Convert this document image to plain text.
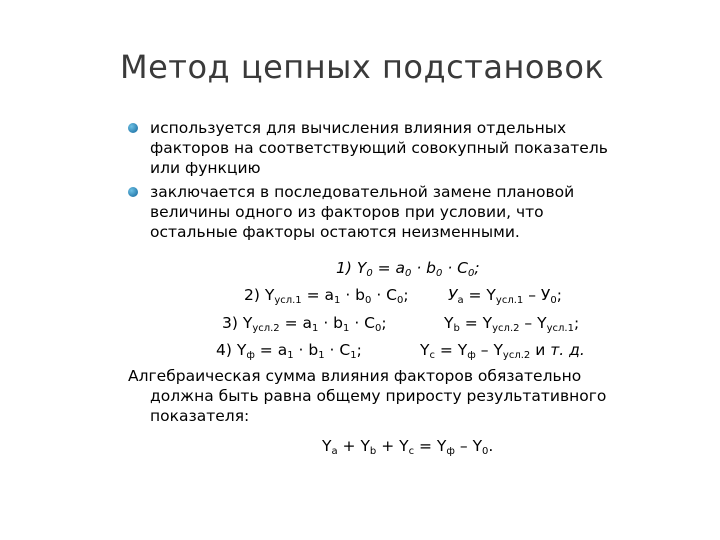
Метод цепных подстановок
используется для вычисления влияния отдельных
факторов на соответствующий совокупный показатель
или функцию
заключается в последовательной замене плановой
величины одного из факторов при условии, что
остальные факторы остаются неизменными.
1) $Y_0 = а_0 \cdot b_0 \cdot C_0$;
2) $Y_{усл.1} = а_1 \cdot b_0 \cdot C_0$;	$У_a = Y_{усл.1} - У_0$;
3) $Y_{усл.2} = а_1 \cdot b_1 \cdot C_0$;	$Y_b = Y_{усл.2} - Y_{усл.1}$;
4) $Y_ф = а_1 \cdot b_1 \cdot C_1$;	$Y_c = Y_ф - Y_{усл.2}$ и т. д.
Алгебраическая сумма влияния факторов обязательно
должна быть равна общему приросту результативного
показателя:
$Y_a + Y_b + Y_c = Y_ф - Y_0$.
